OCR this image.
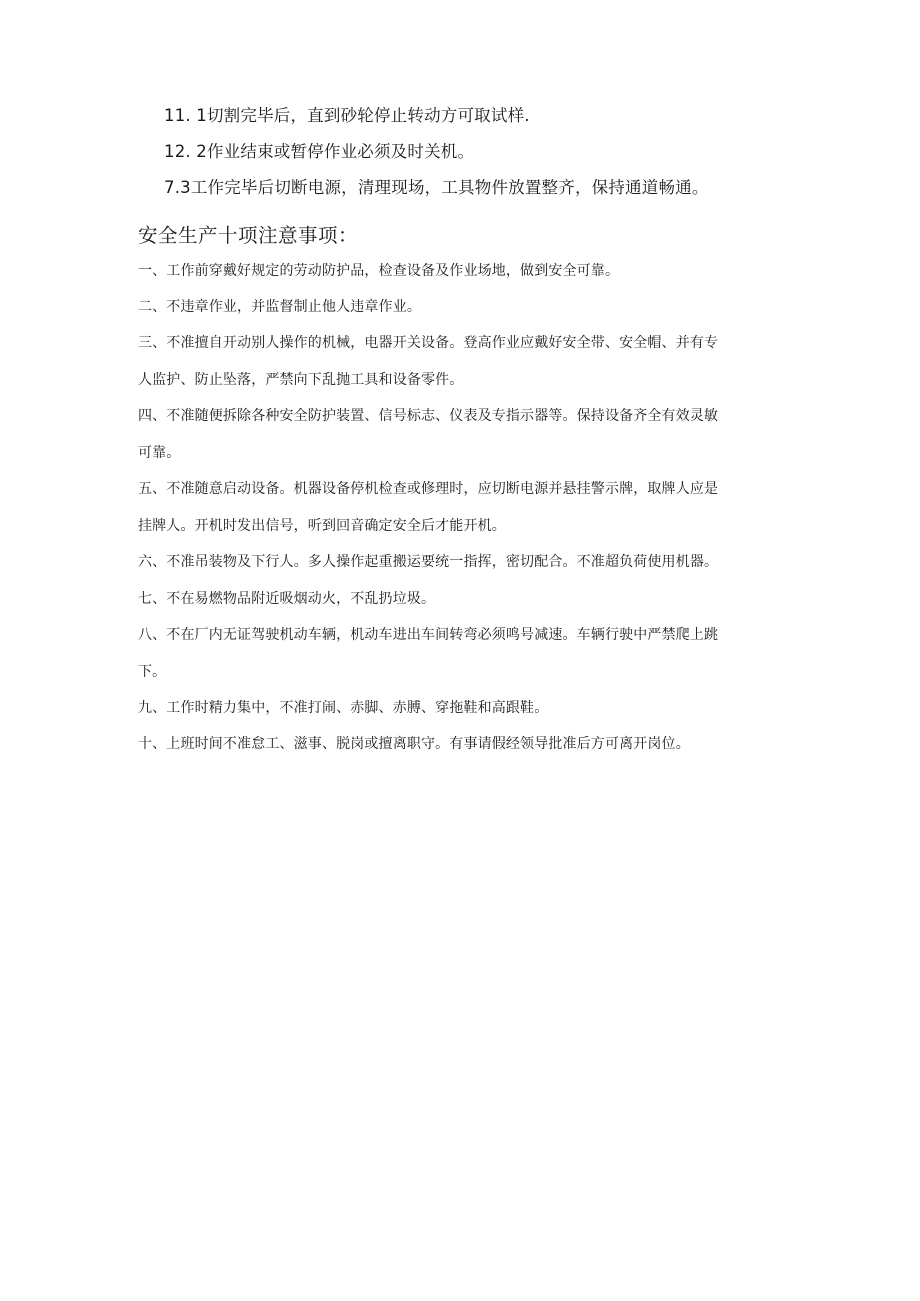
11. 1切割完毕后，直到砂轮停止转动方可取试样.
12. 2作业结束或暂停作业必须及时关机。
7.3工作完毕后切断电源，清理现场，工具物件放置整齐，保持通道畅通。
安全生产十项注意事项：
一、工作前穿戴好规定的劳动防护品，检查设备及作业场地，做到安全可靠。
二、不违章作业，并监督制止他人违章作业。
三、不准擅自开动别人操作的机械，电器开关设备。登高作业应戴好安全带、安全帽、并有专
人监护、防止坠落，严禁向下乱抛工具和设备零件。
四、不准随便拆除各种安全防护装置、信号标志、仪表及专指示器等。保持设备齐全有效灵敏
可靠。
五、不准随意启动设备。机器设备停机检查或修理时，应切断电源并悬挂警示牌，取牌人应是
挂牌人。开机时发出信号，听到回音确定安全后才能开机。
六、不准吊装物及下行人。多人操作起重搬运要统一指挥，密切配合。不准超负荷使用机器。
七、不在易燃物品附近吸烟动火，不乱扔垃圾。
八、不在厂内无证驾驶机动车辆，机动车进出车间转弯必须鸣号减速。车辆行驶中严禁爬上跳
下。
九、工作时精力集中，不准打闹、赤脚、赤膊、穿拖鞋和高跟鞋。
十、上班时间不准怠工、滋事、脱岗或擅离职守。有事请假经领导批准后方可离开岗位。
